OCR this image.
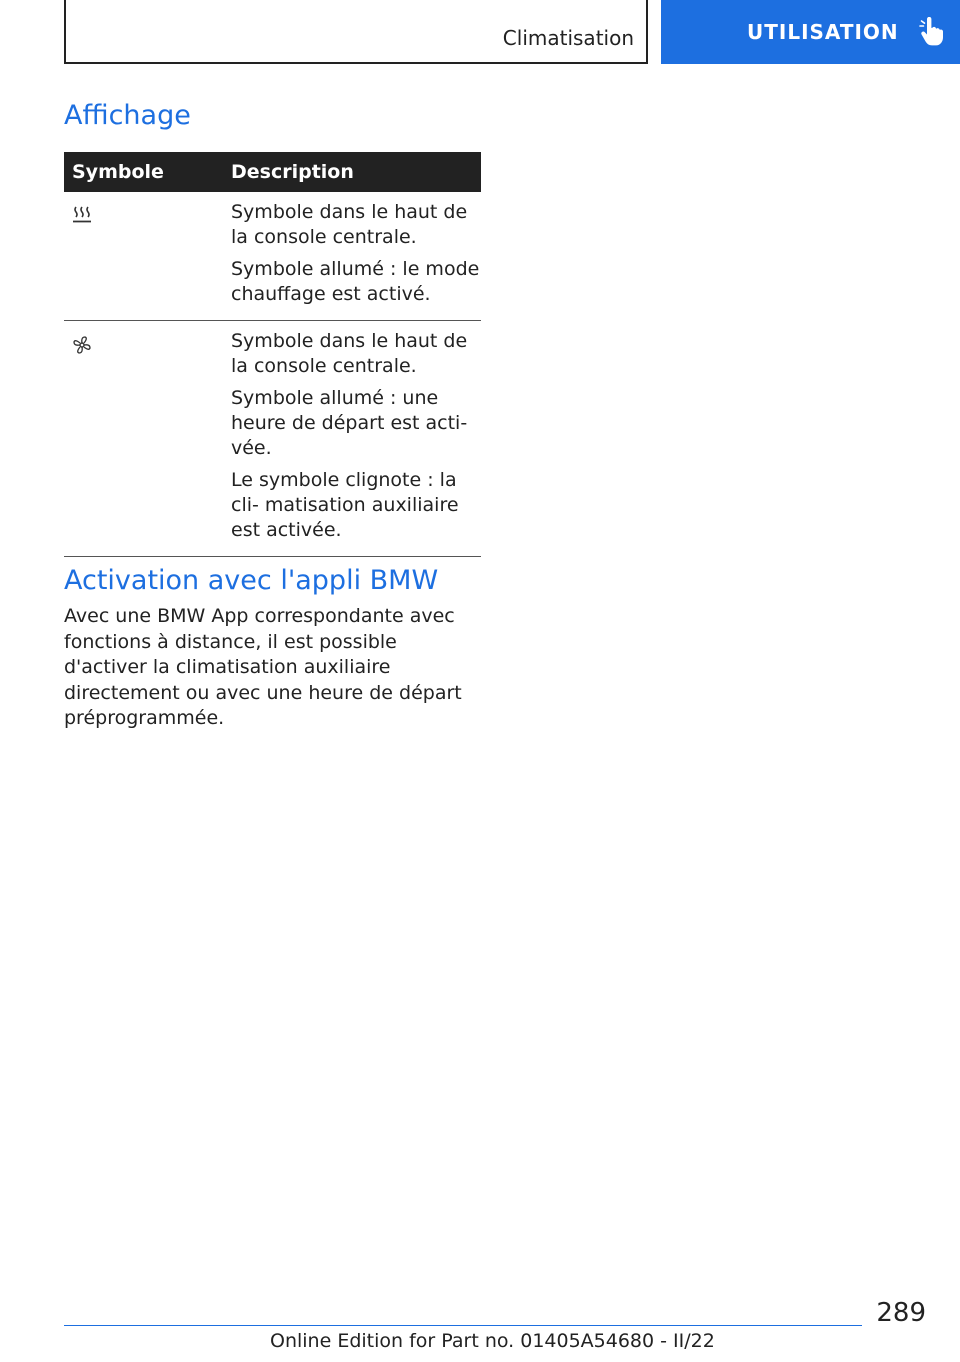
Climatisation	UTILISATION
Affichage
Symbole	Description

Symbole dans le haut de la console centrale.

Symbole allumé : le mode chauffage est activé.

Symbole dans le haut de la console centrale.

Symbole allumé : une heure de départ est acti‐ vée.

Le symbole clignote : la cli‐ matisation auxiliaire est activée.

Activation avec l'appli BMW

Avec une BMW App correspondante avec fonctions à distance, il est possible d'activer la climatisation auxiliaire directement ou avec une heure de départ préprogrammée.

289
Online Edition for Part no. 01405A54680 - II/22
